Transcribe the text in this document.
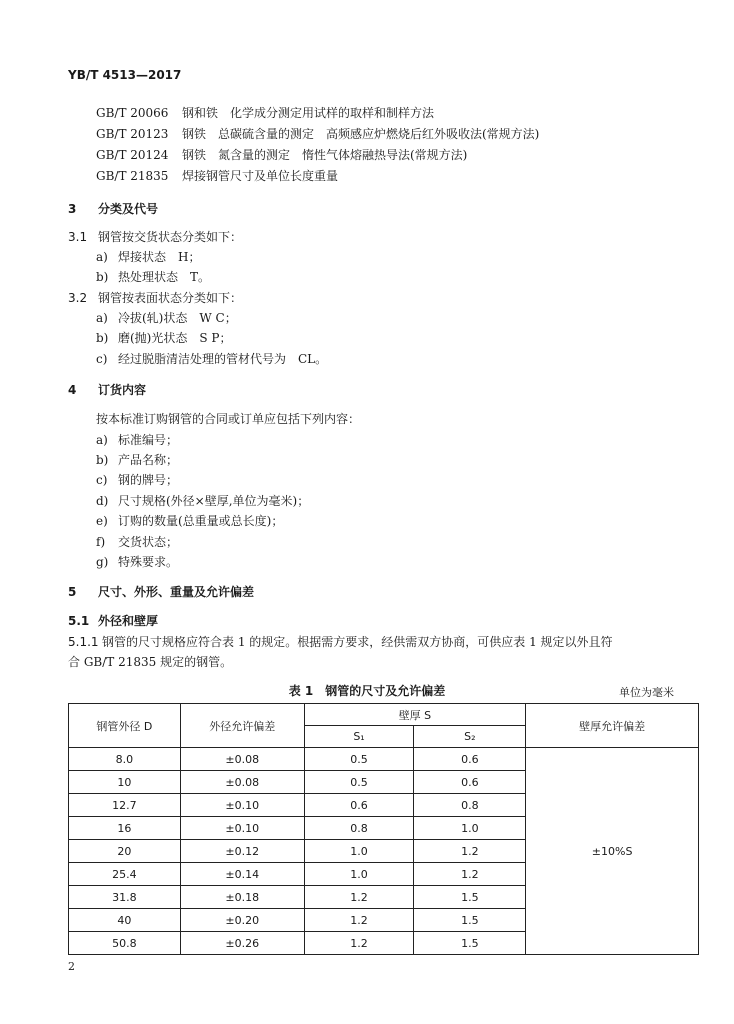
YB/T 4513—2017
GB/T 20066 钢和铁　化学成分测定用试样的取样和制样方法
GB/T 20123 钢铁　总碳硫含量的测定　高频感应炉燃烧后红外吸收法(常规方法)
GB/T 20124 钢铁　氮含量的测定　惰性气体熔融热导法(常规方法)
GB/T 21835 焊接钢管尺寸及单位长度重量
3 分类及代号
3.1 钢管按交货状态分类如下：
a) 焊接状态　H；
b) 热处理状态　T。
3.2 钢管按表面状态分类如下：
a) 冷拔(轧)状态　W C；
b) 磨(抛)光状态　S P；
c) 经过脱脂清洁处理的管材代号为　CL。
4 订货内容
按本标准订购钢管的合同或订单应包括下列内容：
a) 标准编号；
b) 产品名称；
c) 钢的牌号；
d) 尺寸规格(外径×壁厚,单位为毫米)；
e) 订购的数量(总重量或总长度)；
f) 交货状态；
g) 特殊要求。
5 尺寸、外形、重量及允许偏差
5.1 外径和壁厚
5.1.1 钢管的尺寸规格应符合表 1 的规定。根据需方要求，经供需双方协商，可供应表 1 规定以外且符
合 GB/T 21835 规定的钢管。
表 1　钢管的尺寸及允许偏差	单位为毫米
钢管外径 D	外径允许偏差	壁厚 S		壁厚允许偏差
		S₁	S₂	
8.0	±0.08	0.5	0.6	±10%S
10	±0.08	0.5	0.6	
12.7	±0.10	0.6	0.8	
16	±0.10	0.8	1.0	
20	±0.12	1.0	1.2	
25.4	±0.14	1.0	1.2	
31.8	±0.18	1.2	1.5	
40	±0.20	1.2	1.5	
50.8	±0.26	1.2	1.5	
2
